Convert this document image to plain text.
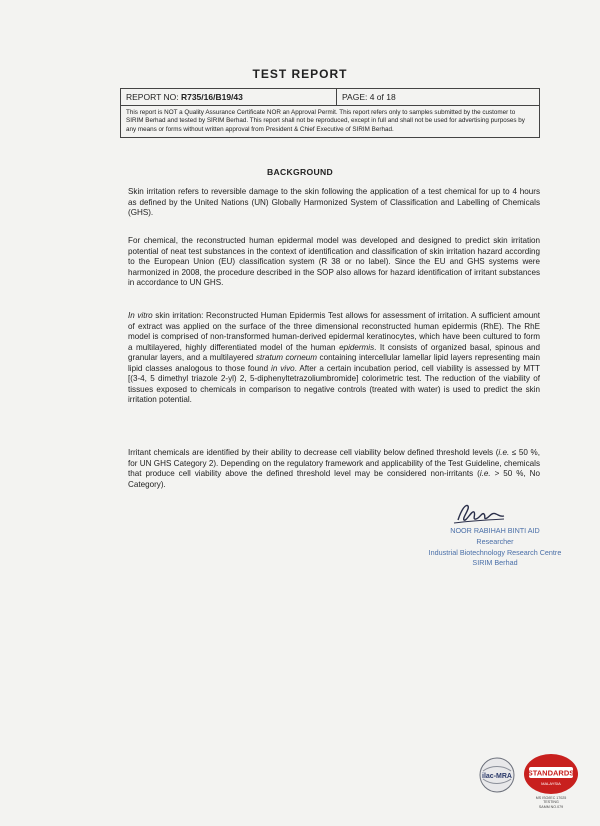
TEST REPORT
REPORT NO: R735/16/B19/43	PAGE: 4 of 18
This report is NOT a Quality Assurance Certificate NOR an Approval Permit. This report refers only to samples submitted by the customer to SIRIM Berhad and tested by SIRIM Berhad. This report shall not be reproduced, except in full and shall not be used for advertising purposes by any means or forms without written approval from President & Chief Executive of SIRIM Berhad.
BACKGROUND

Skin irritation refers to reversible damage to the skin following the application of a test chemical for up to 4 hours as defined by the United Nations (UN) Globally Harmonized System of Classification and Labelling of Chemicals (GHS).

For chemical, the reconstructed human epidermal model was developed and designed to predict skin irritation potential of neat test substances in the context of identification and classification of skin irritation hazard according to the European Union (EU) classification system (R 38 or no label). Since the EU and GHS systems were harmonized in 2008, the procedure described in the SOP also allows for hazard identification of irritant substances in accordance to UN GHS.

In vitro skin irritation: Reconstructed Human Epidermis Test allows for assessment of irritation. A sufficient amount of extract was applied on the surface of the three dimensional reconstructed human epidermis (RhE). The RhE model is comprised of non-transformed human-derived epidermal keratinocytes, which have been cultured to form a multilayered, highly differentiated model of the human epidermis. It consists of organized basal, spinous and granular layers, and a multilayered stratum corneum containing intercellular lamellar lipid layers representing main lipid classes analogous to those found in vivo. After a certain incubation period, cell viability is assessed by MTT [(3-4, 5 dimethyl triazole 2-yl) 2, 5-diphenyltetrazoliumbromide] colorimetric test. The reduction of the viability of tissues exposed to chemicals in comparison to negative controls (treated with water) is used to predict the skin irritation potential.

Irritant chemicals are identified by their ability to decrease cell viability below defined threshold levels (i.e. ≤ 50 %, for UN GHS Category 2). Depending on the regulatory framework and applicability of the Test Guideline, chemicals that produce cell viability above the defined threshold level may be considered non-irritants (i.e. > 50 %, No Category).

NOOR RABIHAH BINTI AID
Researcher
Industrial Biotechnology Research Centre
SIRIM Berhad
ilac-MRA STANDARDS
MALAYSIA
MS ISO/IEC 17025
TESTING
SAMM NO.079
